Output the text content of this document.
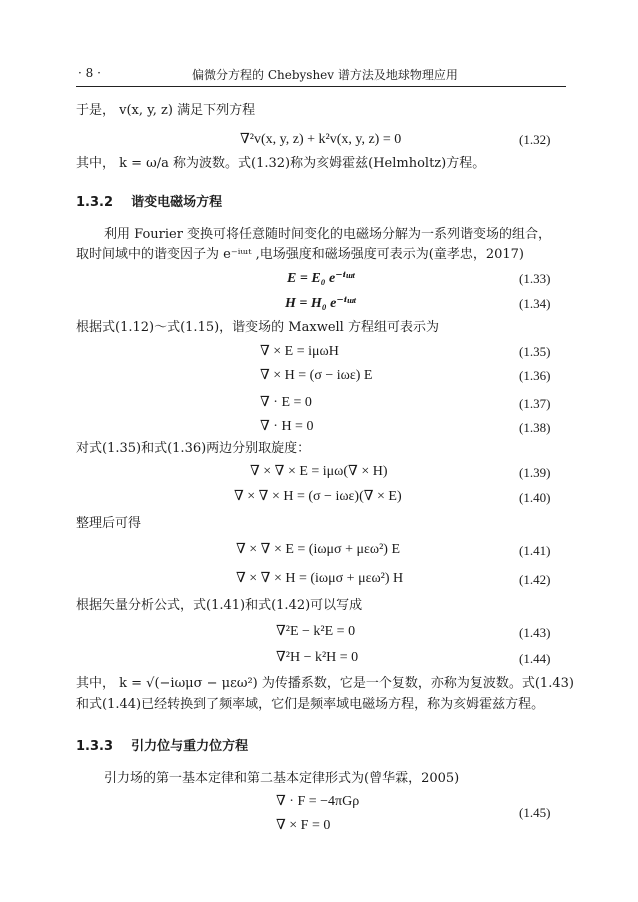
· 8 ·	偏微分方程的 Chebyshev 谱方法及地球物理应用
于是， v(x, y, z) 满足下列方程
∇²v(x, y, z) + k²v(x, y, z) = 0	(1.32)
其中， k = ω/a 称为波数。式(1.32)称为亥姆霍兹(Helmholtz)方程。
1.3.2 谐变电磁场方程
利用 Fourier 变换可将任意随时间变化的电磁场分解为一系列谐变场的组合，
取时间域中的谐变因子为 e⁻ⁱᵚᵗ ,电场强度和磁场强度可表示为(童孝忠，2017)
E = E₀ e⁻ⁱᵚᵗ	(1.33)
H = H₀ e⁻ⁱᵚᵗ	(1.34)
根据式(1.12)～式(1.15)，谐变场的 Maxwell 方程组可表示为
∇ × E = iμωH	(1.35)
∇ × H = (σ − iωε) E	(1.36)
∇ · E = 0	(1.37)
∇ · H = 0	(1.38)
对式(1.35)和式(1.36)两边分别取旋度：
∇ × ∇ × E = iμω(∇ × H)	(1.39)
∇ × ∇ × H = (σ − iωε)(∇ × E)	(1.40)
整理后可得
∇ × ∇ × E = (iωμσ + μεω²) E	(1.41)
∇ × ∇ × H = (iωμσ + μεω²) H	(1.42)
根据矢量分析公式，式(1.41)和式(1.42)可以写成
∇²E − k²E = 0	(1.43)
∇²H − k²H = 0	(1.44)
其中， k = √(−iωμσ − μεω²) 为传播系数，它是一个复数，亦称为复波数。式(1.43)
和式(1.44)已经转换到了频率域，它们是频率域电磁场方程，称为亥姆霍兹方程。
1.3.3 引力位与重力位方程
引力场的第一基本定律和第二基本定律形式为(曾华霖，2005)
∇ · F = −4πGρ
∇ × F = 0
(1.45)
